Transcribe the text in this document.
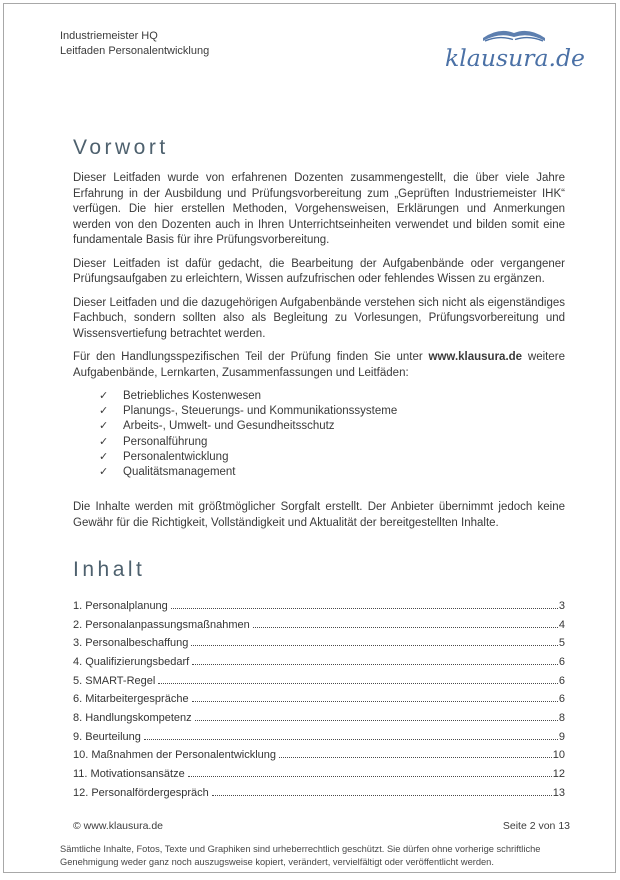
Industriemeister HQ
Leitfaden Personalentwicklung	klausura.de
Vorwort

Dieser Leitfaden wurde von erfahrenen Dozenten zusammengestellt, die über viele Jahre Erfahrung in der Ausbildung und Prüfungsvorbereitung zum „Geprüften Industriemeister IHK“ verfügen. Die hier erstellen Methoden, Vorgehensweisen, Erklärungen und Anmerkungen werden von den Dozenten auch in Ihren Unterrichtseinheiten verwendet und bilden somit eine fundamentale Basis für ihre Prüfungsvorbereitung.

Dieser Leitfaden ist dafür gedacht, die Bearbeitung der Aufgabenbände oder vergangener Prüfungsaufgaben zu erleichtern, Wissen aufzufrischen oder fehlendes Wissen zu ergänzen.

Dieser Leitfaden und die dazugehörigen Aufgabenbände verstehen sich nicht als eigenständiges Fachbuch, sondern sollten also als Begleitung zu Vorlesungen, Prüfungsvorbereitung und Wissensvertiefung betrachtet werden.

Für den Handlungsspezifischen Teil der Prüfung finden Sie unter www.klausura.de weitere Aufgabenbände, Lernkarten, Zusammenfassungen und Leitfäden:

✓	Betriebliches Kostenwesen
✓	Planungs-, Steuerungs- und Kommunikationssysteme
✓	Arbeits-, Umwelt- und Gesundheitsschutz
✓	Personalführung
✓	Personalentwicklung
✓	Qualitätsmanagement

Die Inhalte werden mit größtmöglicher Sorgfalt erstellt. Der Anbieter übernimmt jedoch keine Gewähr für die Richtigkeit, Vollständigkeit und Aktualität der bereitgestellten Inhalte.

Inhalt
1. Personalplanung	3
2. Personalanpassungsmaßnahmen	4
3. Personalbeschaffung	5
4. Qualifizierungsbedarf	6
5. SMART-Regel	6
6. Mitarbeitergespräche	6
8. Handlungskompetenz	8
9. Beurteilung	9
10. Maßnahmen der Personalentwicklung	10
11. Motivationsansätze	12
12. Personalfördergespräch	13
© www.klausura.de	Seite 2 von 13
Sämtliche Inhalte, Fotos, Texte und Graphiken sind urheberrechtlich geschützt. Sie dürfen ohne vorherige schriftliche Genehmigung weder ganz noch auszugsweise kopiert, verändert, vervielfältigt oder veröffentlicht werden.
